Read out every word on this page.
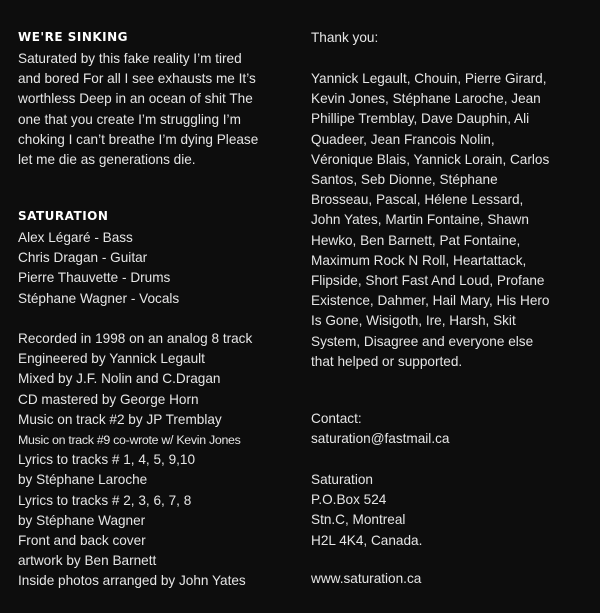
WE'RE SINKING
Saturated by this fake reality I’m tired
and bored For all I see exhausts me It’s
worthless Deep in an ocean of shit The
one that you create I’m struggling I’m
choking I can’t breathe I’m dying Please
let me die as generations die.
SATURATION
Alex Légaré - Bass
Chris Dragan - Guitar
Pierre Thauvette - Drums
Stéphane Wagner - Vocals
Recorded in 1998 on an analog 8 track
Engineered by Yannick Legault
Mixed by J.F. Nolin and C.Dragan
CD mastered by George Horn
Music on track #2 by JP Tremblay
Music on track #9 co-wrote w/ Kevin Jones
Lyrics to tracks # 1, 4, 5, 9,10
by Stéphane Laroche
Lyrics to tracks # 2, 3, 6, 7, 8
by Stéphane Wagner
Front and back cover
artwork by Ben Barnett
Inside photos arranged by John Yates
Thank you:
Yannick Legault, Chouin, Pierre Girard,
Kevin Jones, Stéphane Laroche, Jean
Phillipe Tremblay, Dave Dauphin, Ali
Quadeer, Jean Francois Nolin,
Véronique Blais, Yannick Lorain, Carlos
Santos, Seb Dionne, Stéphane
Brosseau, Pascal, Hélene Lessard,
John Yates, Martin Fontaine, Shawn
Hewko, Ben Barnett, Pat Fontaine,
Maximum Rock N Roll, Heartattack,
Flipside, Short Fast And Loud, Profane
Existence, Dahmer, Hail Mary, His Hero
Is Gone, Wisigoth, Ire, Harsh, Skit
System, Disagree and everyone else
that helped or supported.
Contact:
saturation@fastmail.ca
Saturation
P.O.Box 524
Stn.C, Montreal
H2L 4K4, Canada.
www.saturation.ca
